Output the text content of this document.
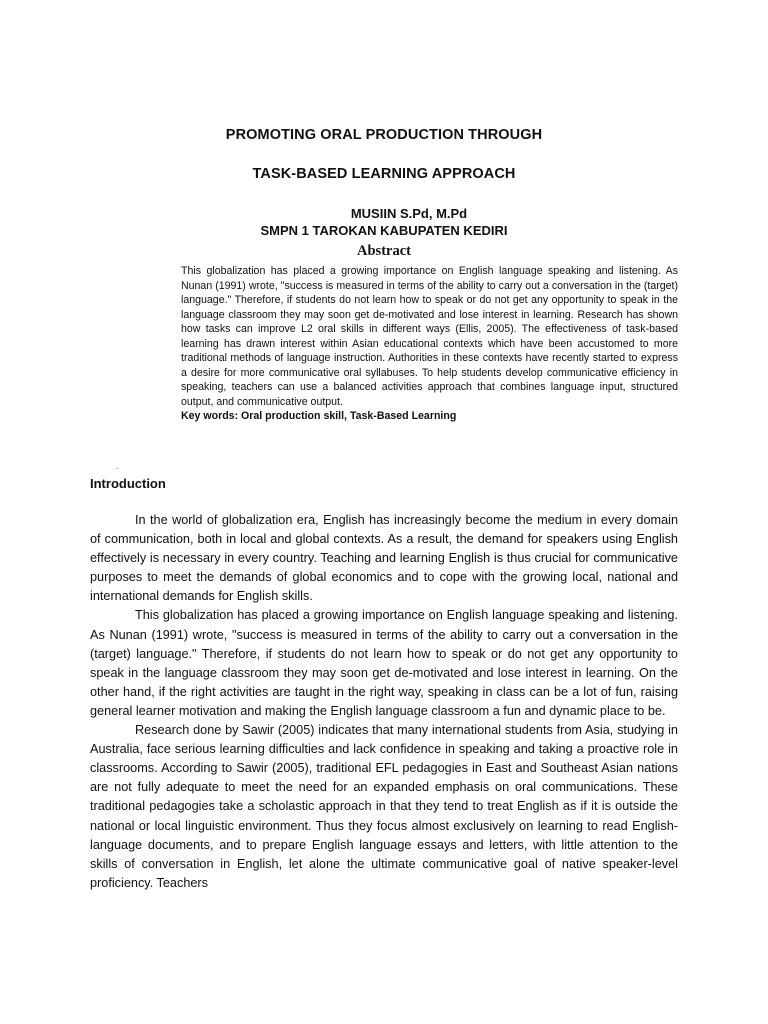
PROMOTING ORAL PRODUCTION THROUGH
TASK-BASED LEARNING APPROACH
MUSIIN S.Pd, M.Pd
SMPN 1 TAROKAN KABUPATEN KEDIRI
Abstract

This globalization has placed a growing importance on English language speaking and listening. As Nunan (1991) wrote, "success is measured in terms of the ability to carry out a conversation in the (target) language." Therefore, if students do not learn how to speak or do not get any opportunity to speak in the language classroom they may soon get de-motivated and lose interest in learning. Research has shown how tasks can improve L2 oral skills in different ways (Ellis, 2005). The effectiveness of task-based learning has drawn interest within Asian educational contexts which have been accustomed to more traditional methods of language instruction. Authorities in these contexts have recently started to express a desire for more communicative oral syllabuses. To help students develop communicative efficiency in speaking, teachers can use a balanced activities approach that combines language input, structured output, and communicative output.

Key words: Oral production skill, Task-Based Learning

.
Introduction

In the world of globalization era, English has increasingly become the medium in every domain of communication, both in local and global contexts. As a result, the demand for speakers using English effectively is necessary in every country. Teaching and learning English is thus crucial for communicative purposes to meet the demands of global economics and to cope with the growing local, national and international demands for English skills.

This globalization has placed a growing importance on English language speaking and listening. As Nunan (1991) wrote, "success is measured in terms of the ability to carry out a conversation in the (target) language." Therefore, if students do not learn how to speak or do not get any opportunity to speak in the language classroom they may soon get de-motivated and lose interest in learning. On the other hand, if the right activities are taught in the right way, speaking in class can be a lot of fun, raising general learner motivation and making the English language classroom a fun and dynamic place to be.

Research done by Sawir (2005) indicates that many international students from Asia, studying in Australia, face serious learning difficulties and lack confidence in speaking and taking a proactive role in classrooms. According to Sawir (2005), traditional EFL pedagogies in East and Southeast Asian nations are not fully adequate to meet the need for an expanded emphasis on oral communications. These traditional pedagogies take a scholastic approach in that they tend to treat English as if it is outside the national or local linguistic environment. Thus they focus almost exclusively on learning to read English-language documents, and to prepare English language essays and letters, with little attention to the skills of conversation in English, let alone the ultimate communicative goal of native speaker-level proficiency. Teachers
